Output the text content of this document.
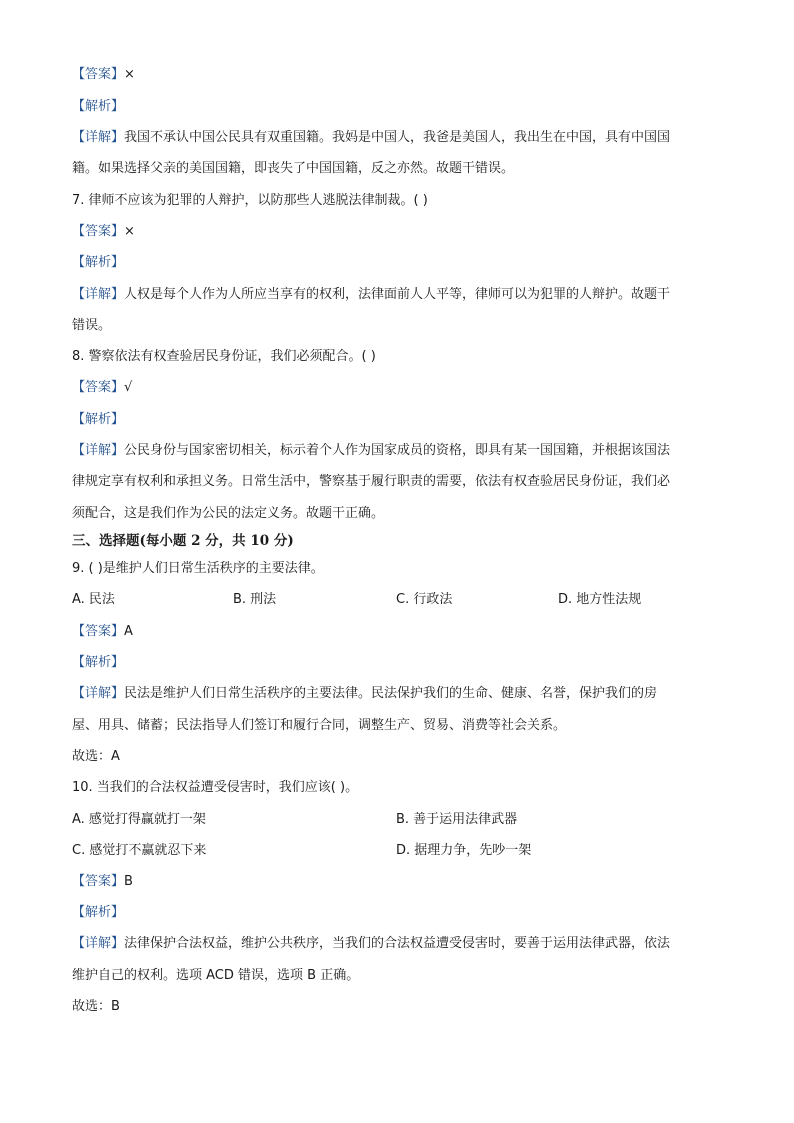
【答案】×
【解析】
【详解】我国不承认中国公民具有双重国籍。我妈是中国人，我爸是美国人，我出生在中国，具有中国国
籍。如果选择父亲的美国国籍，即丧失了中国国籍，反之亦然。故题干错误。
7. 律师不应该为犯罪的人辩护，以防那些人逃脱法律制裁。( )
【答案】×
【解析】
【详解】人权是每个人作为人所应当享有的权利，法律面前人人平等，律师可以为犯罪的人辩护。故题干
错误。
8. 警察依法有权查验居民身份证，我们必须配合。( )
【答案】√
【解析】
【详解】公民身份与国家密切相关，标示着个人作为国家成员的资格，即具有某一国国籍，并根据该国法
律规定享有权利和承担义务。日常生活中，警察基于履行职责的需要，依法有权查验居民身份证，我们必
须配合，这是我们作为公民的法定义务。故题干正确。
三、选择题(每小题 2 分，共 10 分)
9. ( )是维护人们日常生活秩序的主要法律。
A. 民法	B. 刑法	C. 行政法	D. 地方性法规
【答案】A
【解析】
【详解】民法是维护人们日常生活秩序的主要法律。民法保护我们的生命、健康、名誉，保护我们的房
屋、用具、储蓄；民法指导人们签订和履行合同，调整生产、贸易、消费等社会关系。
故选：A
10. 当我们的合法权益遭受侵害时，我们应该( )。
A. 感觉打得赢就打一架	B. 善于运用法律武器
C. 感觉打不赢就忍下来	D. 据理力争，先吵一架
【答案】B
【解析】
【详解】法律保护合法权益，维护公共秩序，当我们的合法权益遭受侵害时，要善于运用法律武器，依法
维护自己的权利。选项 ACD 错误，选项 B 正确。
故选：B
